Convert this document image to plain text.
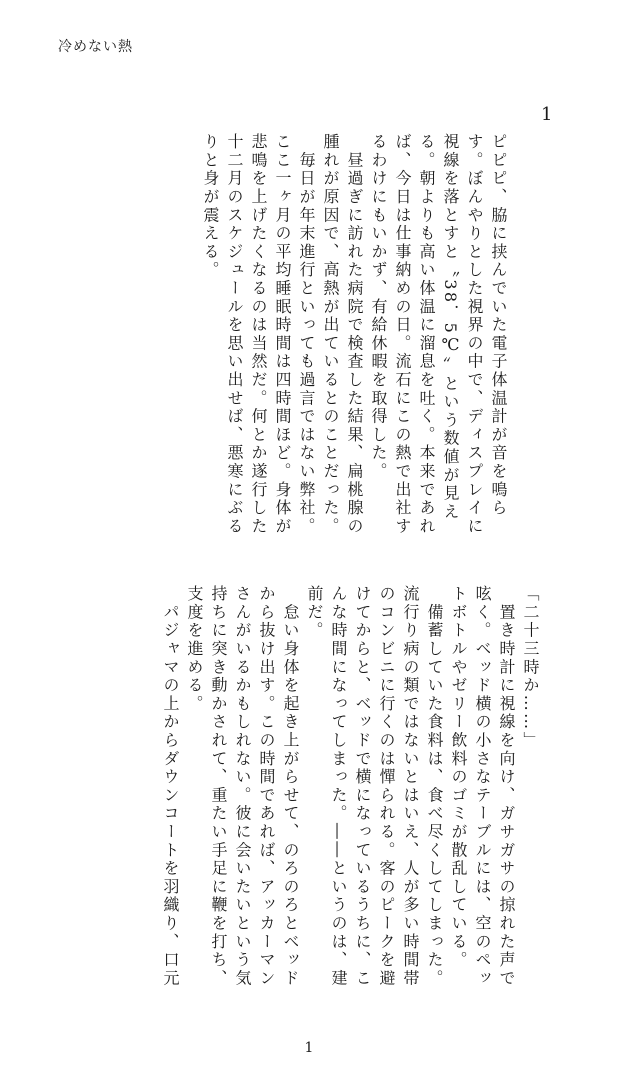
冷めない熱
1

ピピピ、脇に挟んでいた電子体温計が音を鳴ら

す。ぼんやりとした視界の中で、ディスプレイに

視線を落とすと〝38．5℃〟という数値が見え

る。朝よりも高い体温に溜息を吐く。本来であれ

ば、今日は仕事納めの日。流石にこの熱で出社す

るわけにもいかず、有給休暇を取得した。

　昼過ぎに訪れた病院で検査した結果、扁桃腺の

腫れが原因で、高熱が出ているとのことだった。

　毎日が年末進行といっても過言ではない弊社。

ここ一ヶ月の平均睡眠時間は四時間ほど。身体が

悲鳴を上げたくなるのは当然だ。何とか遂行した

十二月のスケジュールを思い出せば、悪寒にぶる

りと身が震える。

「二十三時か……」

　置き時計に視線を向け、ガサガサの掠れた声で

呟く。ベッド横の小さなテーブルには、空のペッ

トボトルやゼリー飲料のゴミが散乱している。

　備蓄していた食料は、食べ尽くしてしまった。

流行り病の類ではないとはいえ、人が多い時間帯

のコンビニに行くのは憚られる。客のピークを避

けてからと、ベッドで横になっているうちに、こ

んな時間になってしまった。――というのは、建

前だ。

　怠い身体を起き上がらせて、のろのろとベッド

から抜け出す。この時間であれば、アッカーマン

さんがいるかもしれない。彼に会いたいという気

持ちに突き動かされて、重たい手足に鞭を打ち、

支度を進める。

　パジャマの上からダウンコートを羽織り、口元

1
